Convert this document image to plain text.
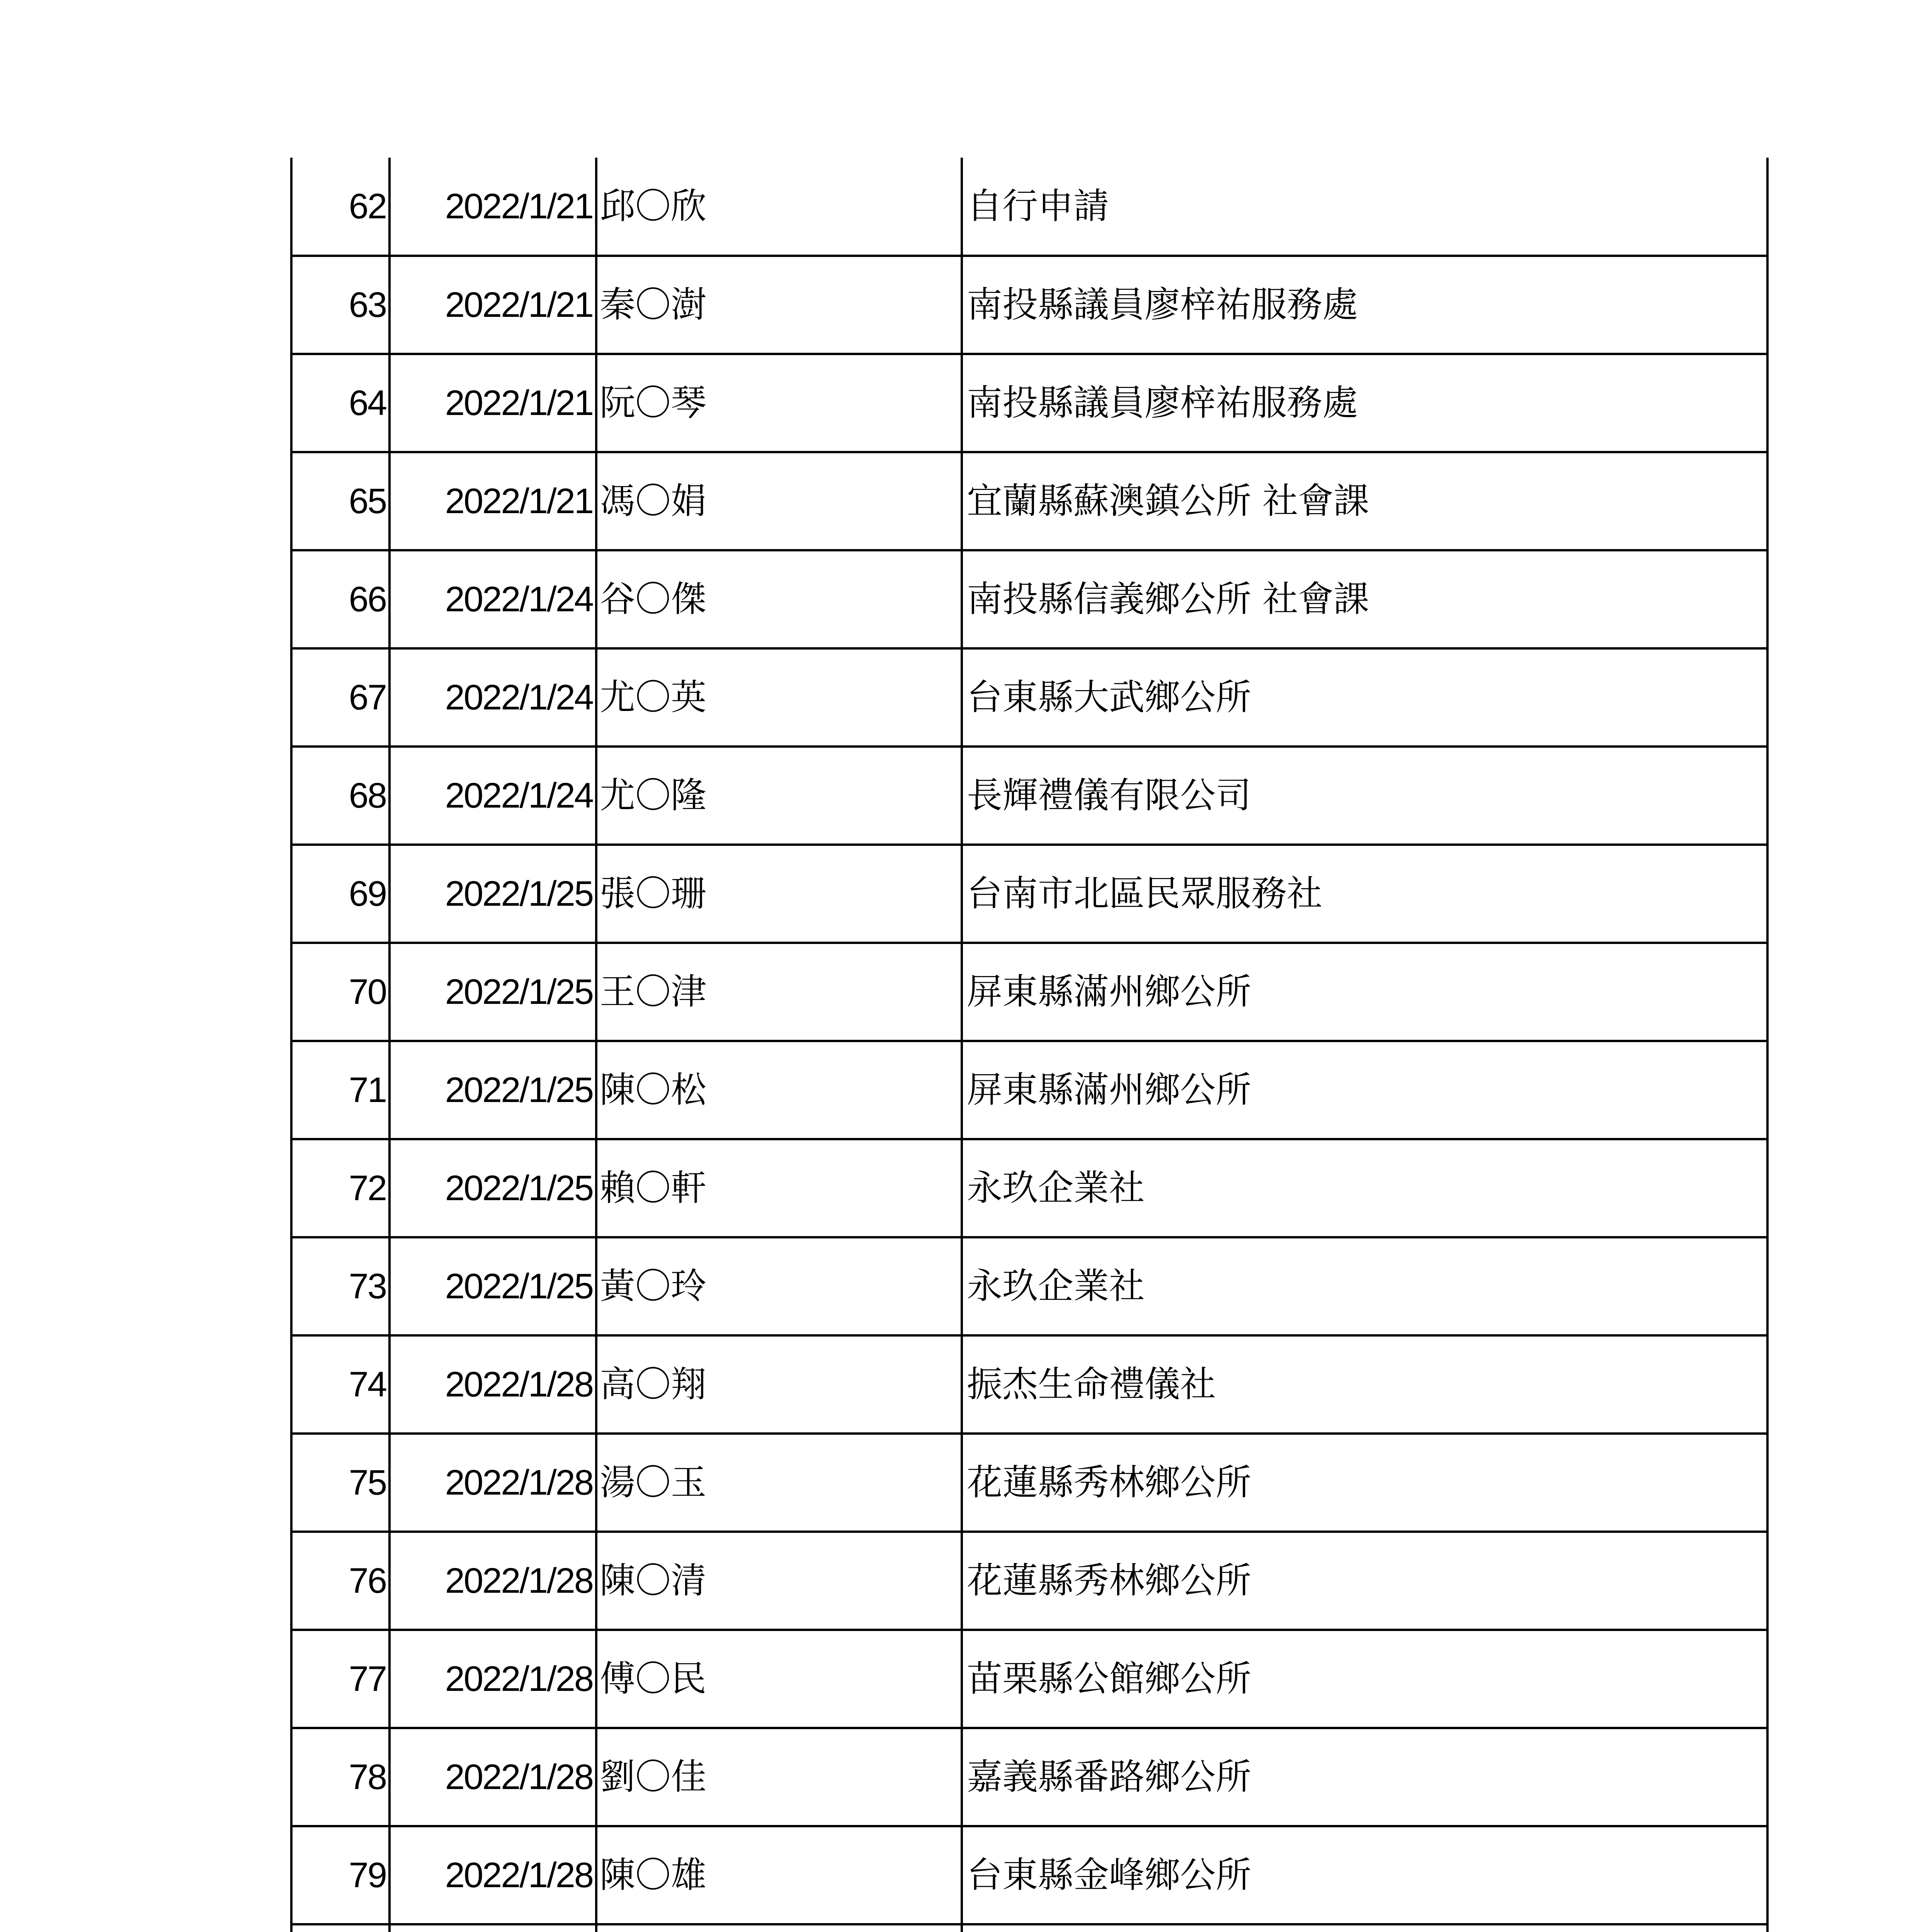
62	2022/1/21	邱〇欣	自行申請
63	2022/1/21	秦〇澍	南投縣議員廖梓祐服務處
64	2022/1/21	阮〇琴	南投縣議員廖梓祐服務處
65	2022/1/21	馮〇娟	宜蘭縣蘇澳鎮公所 社會課
66	2022/1/24	谷〇傑	南投縣信義鄉公所 社會課
67	2022/1/24	尤〇英	台東縣大武鄉公所
68	2022/1/24	尤〇隆	長輝禮儀有限公司
69	2022/1/25	張〇珊	台南市北區民眾服務社
70	2022/1/25	王〇津	屏東縣滿州鄉公所
71	2022/1/25	陳〇松	屏東縣滿州鄉公所
72	2022/1/25	賴〇軒	永玖企業社
73	2022/1/25	黃〇玲	永玖企業社
74	2022/1/28	高〇翔	振杰生命禮儀社
75	2022/1/28	湯〇玉	花蓮縣秀林鄉公所
76	2022/1/28	陳〇清	花蓮縣秀林鄉公所
77	2022/1/28	傅〇民	苗栗縣公館鄉公所
78	2022/1/28	劉〇佳	嘉義縣番路鄉公所
79	2022/1/28	陳〇雄	台東縣金峰鄉公所
